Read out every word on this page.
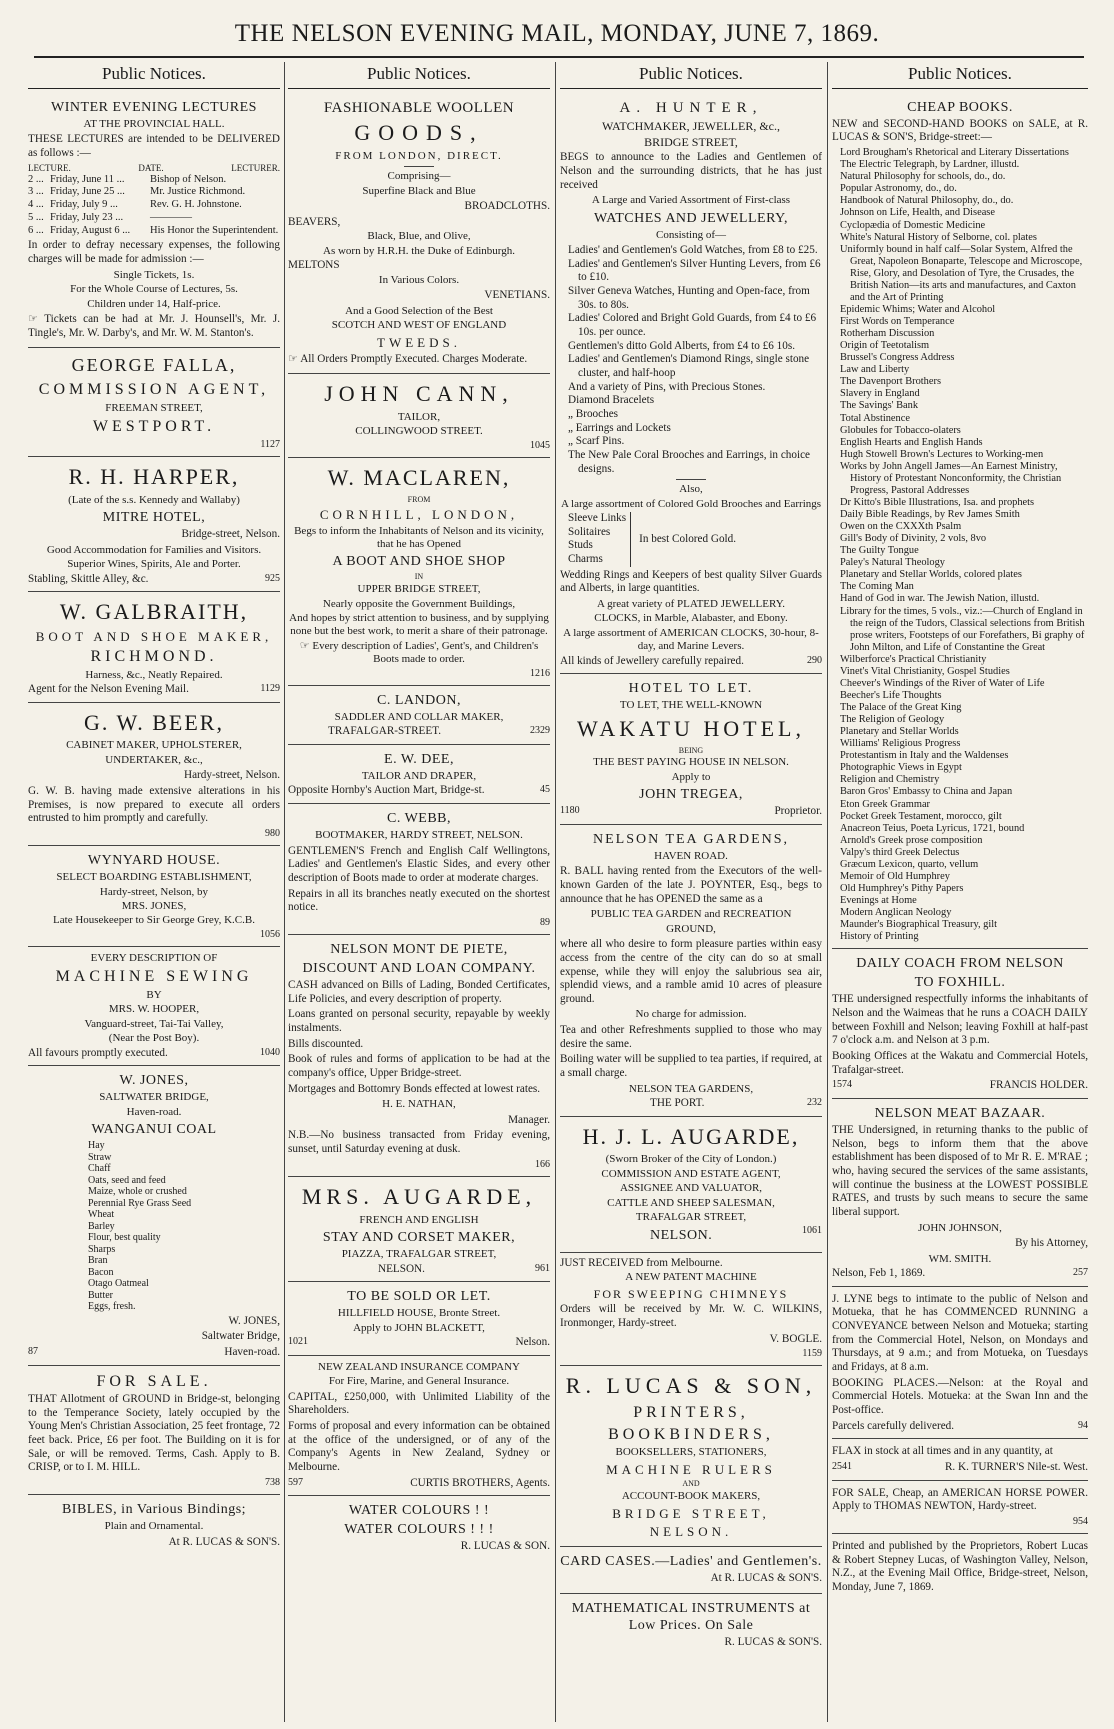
THE NELSON EVENING MAIL, MONDAY, JUNE 7, 1869.
Public Notices.
WINTER EVENING LECTURES
AT THE PROVINCIAL HALL.
THESE LECTURES are intended to be DELIVERED as follows :—
LECTURE.	DATE.	LECTURER.
2 ... Friday, June 11 ...	Bishop of Nelson.
3 ... Friday, June 25 ...	Mr. Justice Richmond.
4 ... Friday, July 9 ...	Rev. G. H. Johnstone.
5 ... Friday, July 23 ...	————
6 ... Friday, August 6 ...	His Honor the Superintendent.
In order to defray necessary expenses, the following charges will be made for admission :—
Single Tickets, 1s.
For the Whole Course of Lectures, 5s.
Children under 14, Half-price.
☞ Tickets can be had at Mr. J. Hounsell's, Mr. J. Tingle's, Mr. W. Darby's, and Mr. W. M. Stanton's.
GEORGE FALLA,
COMMISSION AGENT,
FREEMAN STREET,
WESTPORT.
1127
R. H. HARPER,
(Late of the s.s. Kennedy and Wallaby)
MITRE HOTEL,
Bridge-street, Nelson.
Good Accommodation for Families and Visitors.
Superior Wines, Spirits, Ale and Porter.
Stabling, Skittle Alley, &c.	925
W. GALBRAITH,
BOOT AND SHOE MAKER,
RICHMOND.
Harness, &c., Neatly Repaired.
Agent for the Nelson Evening Mail.	1129
G. W. BEER,
CABINET MAKER, UPHOLSTERER,
UNDERTAKER, &c.,
Hardy-street, Nelson.
G. W. B. having made extensive alterations in his Premises, is now prepared to execute all orders entrusted to him promptly and carefully.
980
WYNYARD HOUSE.
SELECT BOARDING ESTABLISHMENT,
Hardy-street, Nelson, by
MRS. JONES,
Late Housekeeper to Sir George Grey, K.C.B.
1056
EVERY DESCRIPTION OF
MACHINE SEWING
BY
MRS. W. HOOPER,
Vanguard-street, Tai-Tai Valley,
(Near the Post Boy).
All favours promptly executed.	1040
W. JONES,
SALTWATER BRIDGE,
Haven-road.
WANGANUI COAL
Hay
Straw
Chaff
Oats, seed and feed
Maize, whole or crushed
Perennial Rye Grass Seed
Wheat
Barley
Flour, best quality
Sharps
Bran
Bacon
Otago Oatmeal
Butter
Eggs, fresh.
W. JONES,
Saltwater Bridge,
87	Haven-road.
FOR SALE.
THAT Allotment of GROUND in Bridge-st, belonging to the Temperance Society, lately occupied by the Young Men's Christian Association, 25 feet frontage, 72 feet back. Price, £6 per foot. The Building on it is for Sale, or will be removed. Terms, Cash. Apply to B. CRISP, or to I. M. HILL.
738
BIBLES, in Various Bindings;
Plain and Ornamental.
At R. LUCAS & SON'S.
Public Notices.
FASHIONABLE WOOLLEN
GOODS,
FROM LONDON, DIRECT.
Comprising—
Superfine Black and Blue
BROADCLOTHS.
BEAVERS,
Black, Blue, and Olive,
As worn by H.R.H. the Duke of Edinburgh.
MELTONS
In Various Colors.
VENETIANS.
And a Good Selection of the Best
SCOTCH AND WEST OF ENGLAND
TWEEDS.
☞ All Orders Promptly Executed. Charges Moderate.
JOHN CANN,
TAILOR,
COLLINGWOOD STREET.
1045
W. MACLAREN,
FROM
CORNHILL, LONDON,
Begs to inform the Inhabitants of Nelson and its vicinity, that he has Opened
A BOOT AND SHOE SHOP
IN
UPPER BRIDGE STREET,
Nearly opposite the Government Buildings,
And hopes by strict attention to business, and by supplying none but the best work, to merit a share of their patronage.
☞ Every description of Ladies', Gent's, and Children's Boots made to order.
1216
C. LANDON,
SADDLER AND COLLAR MAKER,
TRAFALGAR-STREET.	2329
E. W. DEE,
TAILOR AND DRAPER,
Opposite Hornby's Auction Mart, Bridge-st.	45
C. WEBB,
BOOTMAKER, HARDY STREET, NELSON.
GENTLEMEN'S French and English Calf Wellingtons, Ladies' and Gentlemen's Elastic Sides, and every other description of Boots made to order at moderate charges.
Repairs in all its branches neatly executed on the shortest notice.
89
NELSON MONT DE PIETE,
DISCOUNT AND LOAN COMPANY.
CASH advanced on Bills of Lading, Bonded Certificates, Life Policies, and every description of property.
Loans granted on personal security, repayable by weekly instalments.
Bills discounted.
Book of rules and forms of application to be had at the company's office, Upper Bridge-street.
Mortgages and Bottomry Bonds effected at lowest rates.
H. E. NATHAN,
Manager.
N.B.—No business transacted from Friday evening, sunset, until Saturday evening at dusk.
166
MRS. AUGARDE,
FRENCH AND ENGLISH
STAY AND CORSET MAKER,
PIAZZA, TRAFALGAR STREET,
NELSON.	961
TO BE SOLD OR LET.
HILLFIELD HOUSE, Bronte Street.
Apply to JOHN BLACKETT,
1021	Nelson.
NEW ZEALAND INSURANCE COMPANY
For Fire, Marine, and General Insurance.
CAPITAL, £250,000, with Unlimited Liability of the Shareholders.
Forms of proposal and every information can be obtained at the office of the undersigned, or of any of the Company's Agents in New Zealand, Sydney or Melbourne.
597	CURTIS BROTHERS, Agents.
WATER COLOURS ! !
WATER COLOURS ! ! !
R. LUCAS & SON.
Public Notices.
A. HUNTER,
WATCHMAKER, JEWELLER, &c.,
BRIDGE STREET,
BEGS to announce to the Ladies and Gentlemen of Nelson and the surrounding districts, that he has just received
A Large and Varied Assortment of First-class
WATCHES AND JEWELLERY,
Consisting of—
Ladies' and Gentlemen's Gold Watches, from £8 to £25.
Ladies' and Gentlemen's Silver Hunting Levers, from £6 to £10.
Silver Geneva Watches, Hunting and Open-face, from 30s. to 80s.
Ladies' Colored and Bright Gold Guards, from £4 to £6 10s. per ounce.
Gentlemen's ditto Gold Alberts, from £4 to £6 10s.
Ladies' and Gentlemen's Diamond Rings, single stone cluster, and half-hoop
And a variety of Pins, with Precious Stones.
Diamond Bracelets
„ Brooches
„ Earrings and Lockets
„ Scarf Pins.
The New Pale Coral Brooches and Earrings, in choice designs.
Also,
A large assortment of Colored Gold Brooches and Earrings
Sleeve Links
Solitaires
Studs
Charms
In best Colored Gold.
Wedding Rings and Keepers of best quality Silver Guards and Alberts, in large quantities.
A great variety of PLATED JEWELLERY.
CLOCKS, in Marble, Alabaster, and Ebony.
A large assortment of AMERICAN CLOCKS, 30-hour, 8-day, and Marine Levers.
All kinds of Jewellery carefully repaired.	290
HOTEL TO LET.
TO LET, THE WELL-KNOWN
WAKATU HOTEL,
BEING
THE BEST PAYING HOUSE IN NELSON.
Apply to
JOHN TREGEA,
1180	Proprietor.
NELSON TEA GARDENS,
HAVEN ROAD.
R. BALL having rented from the Executors of the well-known Garden of the late J. POYNTER, Esq., begs to announce that he has OPENED the same as a
PUBLIC TEA GARDEN and RECREATION
GROUND,
where all who desire to form pleasure parties within easy access from the centre of the city can do so at small expense, while they will enjoy the salubrious sea air, splendid views, and a ramble amid 10 acres of pleasure ground.
No charge for admission.
Tea and other Refreshments supplied to those who may desire the same.
Boiling water will be supplied to tea parties, if required, at a small charge.
NELSON TEA GARDENS,
THE PORT.	232
H. J. L. AUGARDE,
(Sworn Broker of the City of London.)
COMMISSION AND ESTATE AGENT,
ASSIGNEE AND VALUATOR,
CATTLE AND SHEEP SALESMAN,
TRAFALGAR STREET,
NELSON.	1061
JUST RECEIVED from Melbourne.
A NEW PATENT MACHINE
FOR SWEEPING CHIMNEYS
Orders will be received by Mr. W. C. WILKINS, Ironmonger, Hardy-street.
V. BOGLE.
1159
R. LUCAS & SON,
PRINTERS,
BOOKBINDERS,
BOOKSELLERS, STATIONERS,
MACHINE RULERS
AND
ACCOUNT-BOOK MAKERS,
BRIDGE STREET,
NELSON.
CARD CASES.—Ladies' and Gentlemen's.
At R. LUCAS & SON'S.
MATHEMATICAL INSTRUMENTS at Low Prices. On Sale
R. LUCAS & SON'S.
Public Notices.
CHEAP BOOKS.
NEW and SECOND-HAND BOOKS on SALE, at R. LUCAS & SON'S, Bridge-street:—
Lord Brougham's Rhetorical and Literary Dissertations
The Electric Telegraph, by Lardner, illustd.
Natural Philosophy for schools, do., do.
Popular Astronomy, do., do.
Handbook of Natural Philosophy, do., do.
Johnson on Life, Health, and Disease
Cyclopædia of Domestic Medicine
White's Natural History of Selborne, col. plates
Uniformly bound in half calf—Solar System, Alfred the Great, Napoleon Bonaparte, Telescope and Microscope, Rise, Glory, and Desolation of Tyre, the Crusades, the British Nation—its arts and manufactures, and Caxton and the Art of Printing
Epidemic Whims; Water and Alcohol
First Words on Temperance
Rotherham Discussion
Origin of Teetotalism
Brussel's Congress Address
Law and Liberty
The Davenport Brothers
Slavery in England
The Savings' Bank
Total Abstinence
Globules for Tobacco-olaters
English Hearts and English Hands
Hugh Stowell Brown's Lectures to Working-men
Works by John Angell James—An Earnest Ministry, History of Protestant Nonconformity, the Christian Progress, Pastoral Addresses
Dr Kitto's Bible Illustrations, Isa. and prophets
Daily Bible Readings, by Rev James Smith
Owen on the CXXXth Psalm
Gill's Body of Divinity, 2 vols, 8vo
The Guilty Tongue
Paley's Natural Theology
Planetary and Stellar Worlds, colored plates
The Coming Man
Hand of God in war. The Jewish Nation, illustd.
Library for the times, 5 vols., viz.:—Church of England in the reign of the Tudors, Classical selections from British prose writers, Footsteps of our Forefathers, Bi graphy of John Milton, and Life of Constantine the Great
Wilberforce's Practical Christianity
Vinet's Vital Christianity, Gospel Studies
Cheever's Windings of the River of Water of Life
Beecher's Life Thoughts
The Palace of the Great King
The Religion of Geology
Planetary and Stellar Worlds
Williams' Religious Progress
Protestantism in Italy and the Waldenses
Photographic Views in Egypt
Religion and Chemistry
Baron Gros' Embassy to China and Japan
Eton Greek Grammar
Pocket Greek Testament, morocco, gilt
Anacreon Teius, Poeta Lyricus, 1721, bound
Arnold's Greek prose composition
Valpy's third Greek Delectus
Græcum Lexicon, quarto, vellum
Memoir of Old Humphrey
Old Humphrey's Pithy Papers
Evenings at Home
Modern Anglican Neology
Maunder's Biographical Treasury, gilt
History of Printing
DAILY COACH FROM NELSON
TO FOXHILL.
THE undersigned respectfully informs the inhabitants of Nelson and the Waimeas that he runs a COACH DAILY between Foxhill and Nelson; leaving Foxhill at half-past 7 o'clock a.m. and Nelson at 3 p.m.
Booking Offices at the Wakatu and Commercial Hotels, Trafalgar-street.
1574	FRANCIS HOLDER.
NELSON MEAT BAZAAR.
THE Undersigned, in returning thanks to the public of Nelson, begs to inform them that the above establishment has been disposed of to Mr R. E. M'RAE ; who, having secured the services of the same assistants, will continue the business at the LOWEST POSSIBLE RATES, and trusts by such means to secure the same liberal support.
JOHN JOHNSON,
By his Attorney,
WM. SMITH.
Nelson, Feb 1, 1869.	257
J. LYNE begs to intimate to the public of Nelson and Motueka, that he has COMMENCED RUNNING a CONVEYANCE between Nelson and Motueka; starting from the Commercial Hotel, Nelson, on Mondays and Thursdays, at 9 a.m.; and from Motueka, on Tuesdays and Fridays, at 8 a.m.
BOOKING PLACES.—Nelson: at the Royal and Commercial Hotels. Motueka: at the Swan Inn and the Post-office.
Parcels carefully delivered.	94
FLAX in stock at all times and in any quantity, at
2541	R. K. TURNER'S Nile-st. West.
FOR SALE, Cheap, an AMERICAN HORSE POWER. Apply to THOMAS NEWTON, Hardy-street.
954
Printed and published by the Proprietors, Robert Lucas & Robert Stepney Lucas, of Washington Valley, Nelson, N.Z., at the Evening Mail Office, Bridge-street, Nelson, Monday, June 7, 1869.
